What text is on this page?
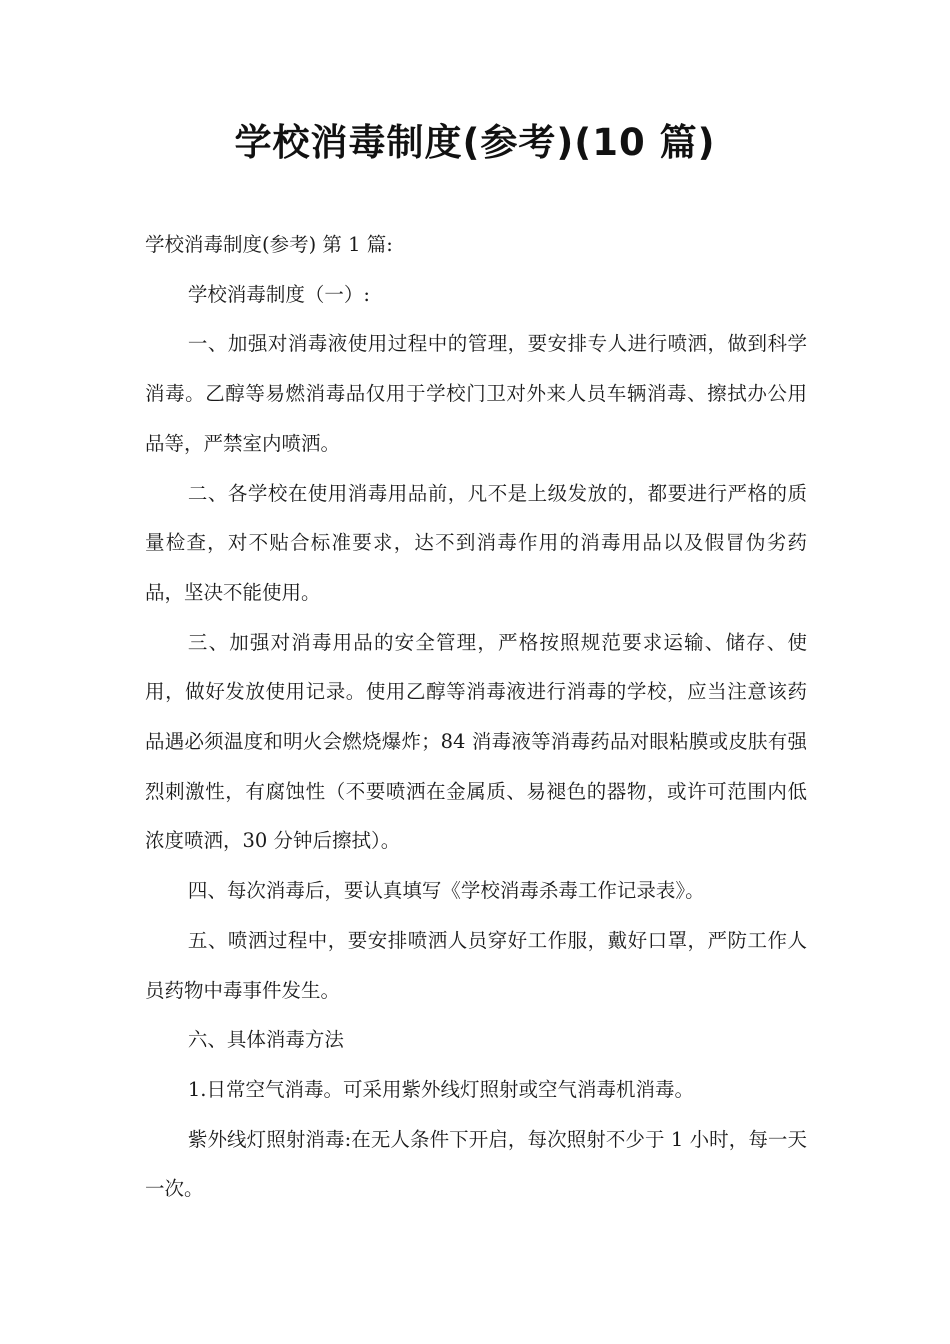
学校消毒制度(参考)(10 篇)

学校消毒制度(参考) 第 1 篇:

学校消毒制度（一）:

一、加强对消毒液使用过程中的管理，要安排专人进行喷洒，做到科学消毒。乙醇等易燃消毒品仅用于学校门卫对外来人员车辆消毒、擦拭办公用品等，严禁室内喷洒。

二、各学校在使用消毒用品前，凡不是上级发放的，都要进行严格的质量检查，对不贴合标准要求，达不到消毒作用的消毒用品以及假冒伪劣药品，坚决不能使用。

三、加强对消毒用品的安全管理，严格按照规范要求运输、储存、使用，做好发放使用记录。使用乙醇等消毒液进行消毒的学校，应当注意该药品遇必须温度和明火会燃烧爆炸；84 消毒液等消毒药品对眼粘膜或皮肤有强烈刺激性，有腐蚀性（不要喷洒在金属质、易褪色的器物，或许可范围内低浓度喷洒，30 分钟后擦拭）。

四、每次消毒后，要认真填写《学校消毒杀毒工作记录表》。

五、喷洒过程中，要安排喷洒人员穿好工作服，戴好口罩，严防工作人员药物中毒事件发生。

六、具体消毒方法

1.日常空气消毒。可采用紫外线灯照射或空气消毒机消毒。

紫外线灯照射消毒:在无人条件下开启，每次照射不少于 1 小时，每一天一次。
